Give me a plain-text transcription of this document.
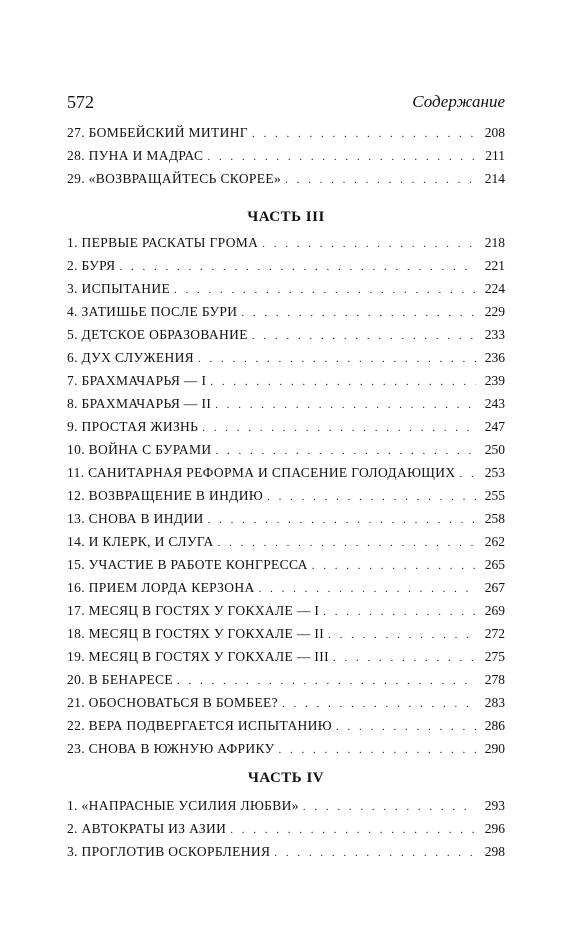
572	Содержание
27. БОМБЕЙСКИЙ МИТИНГ . . .	208
28. ПУНА И МАДРАС . . .	211
29. «ВОЗВРАЩАЙТЕСЬ СКОРЕЕ» . . .	214
ЧАСТЬ III
1. ПЕРВЫЕ РАСКАТЫ ГРОМА . . .	218
2. БУРЯ . . .	221
3. ИСПЫТАНИЕ . . .	224
4. ЗАТИШЬЕ ПОСЛЕ БУРИ . . .	229
5. ДЕТСКОЕ ОБРАЗОВАНИЕ . . .	233
6. ДУХ СЛУЖЕНИЯ . . .	236
7. БРАХМАЧАРЬЯ — I . . .	239
8. БРАХМАЧАРЬЯ — II . . .	243
9. ПРОСТАЯ ЖИЗНЬ . . .	247
10. ВОЙНА С БУРАМИ . . .	250
11. САНИТАРНАЯ РЕФОРМА И СПАСЕНИЕ ГОЛОДАЮЩИХ . . .	253
12. ВОЗВРАЩЕНИЕ В ИНДИЮ . . .	255
13. СНОВА В ИНДИИ . . .	258
14. И КЛЕРК, И СЛУГА . . .	262
15. УЧАСТИЕ В РАБОТЕ КОНГРЕССА . . .	265
16. ПРИЕМ ЛОРДА КЕРЗОНА . . .	267
17. МЕСЯЦ В ГОСТЯХ У ГОКХАЛЕ — I . . .	269
18. МЕСЯЦ В ГОСТЯХ У ГОКХАЛЕ — II . . .	272
19. МЕСЯЦ В ГОСТЯХ У ГОКХАЛЕ — III . . .	275
20. В БЕНАРЕСЕ . . .	278
21. ОБОСНОВАТЬСЯ В БОМБЕЕ? . . .	283
22. ВЕРА ПОДВЕРГАЕТСЯ ИСПЫТАНИЮ . . .	286
23. СНОВА В ЮЖНУЮ АФРИКУ . . .	290
ЧАСТЬ IV
1. «НАПРАСНЫЕ УСИЛИЯ ЛЮБВИ» . . .	293
2. АВТОКРАТЫ ИЗ АЗИИ . . .	296
3. ПРОГЛОТИВ ОСКОРБЛЕНИЯ . . .	298
